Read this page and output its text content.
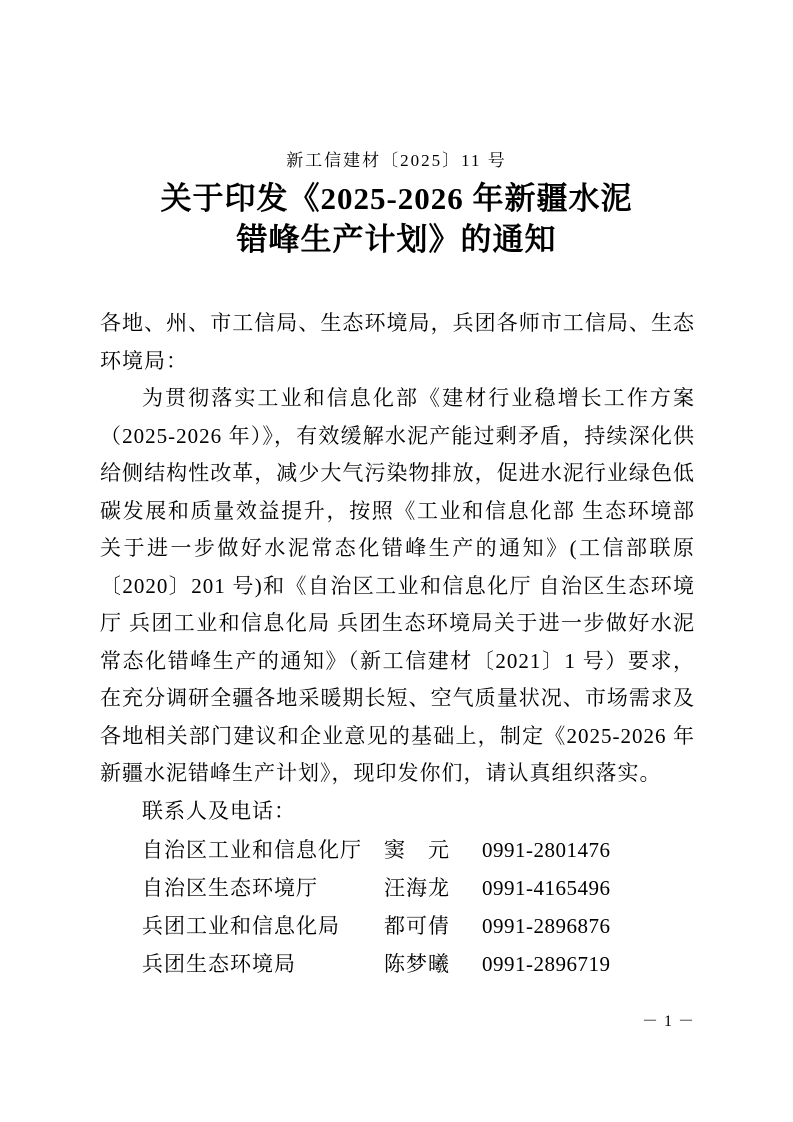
新工信建材〔2025〕11 号
关于印发《2025-2026 年新疆水泥
错峰生产计划》的通知

各地、州、市工信局、生态环境局，兵团各师市工信局、生态环境局：

为贯彻落实工业和信息化部《建材行业稳增长工作方案（2025-2026 年）》，有效缓解水泥产能过剩矛盾，持续深化供给侧结构性改革，减少大气污染物排放，促进水泥行业绿色低碳发展和质量效益提升，按照《工业和信息化部 生态环境部关于进一步做好水泥常态化错峰生产的通知》(工信部联原〔2020〕201 号)和《自治区工业和信息化厅 自治区生态环境厅 兵团工业和信息化局 兵团生态环境局关于进一步做好水泥常态化错峰生产的通知》（新工信建材〔2021〕1 号）要求，在充分调研全疆各地采暖期长短、空气质量状况、市场需求及各地相关部门建议和企业意见的基础上，制定《2025-2026 年新疆水泥错峰生产计划》，现印发你们，请认真组织落实。

联系人及电话：

自治区工业和信息化厅	窦　元	0991-2801476
自治区生态环境厅	汪海龙	0991-4165496
兵团工业和信息化局	都可倩	0991-2896876
兵团生态环境局	陈梦曦	0991-2896719
－ 1 －
